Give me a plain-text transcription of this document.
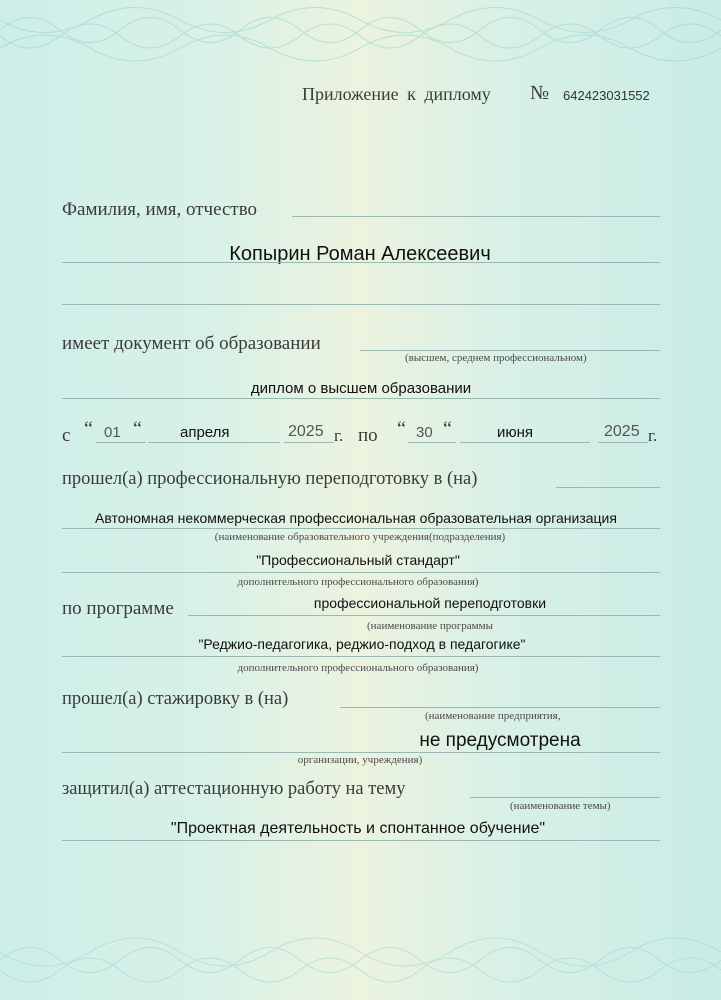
Приложение к диплому № 642423031552
Фамилия, имя, отчество
Копырин Роман Алексеевич
имеет документ об образовании
(высшем, среднем профессиональном)
диплом о высшем образовании
с “ 01 “	апреля	2025 г. по “ 30 “	июня	2025 г.
прошел(а) профессиональную переподготовку в (на)
Автономная некоммерческая профессиональная образовательная организация
(наименование образовательного учреждения(подразделения)
"Профессиональный стандарт"
дополнительного профессионального образования)
по программе	профессиональной переподготовки
(наименование программы
"Реджио-педагогика, реджио-подход в педагогике"
дополнительного профессионального образования)
прошел(а) стажировку в (на)
(наименование предприятия,
не предусмотрена
организации, учреждения)
защитил(а) аттестационную работу на тему
(наименование темы)
"Проектная деятельность и спонтанное обучение"
